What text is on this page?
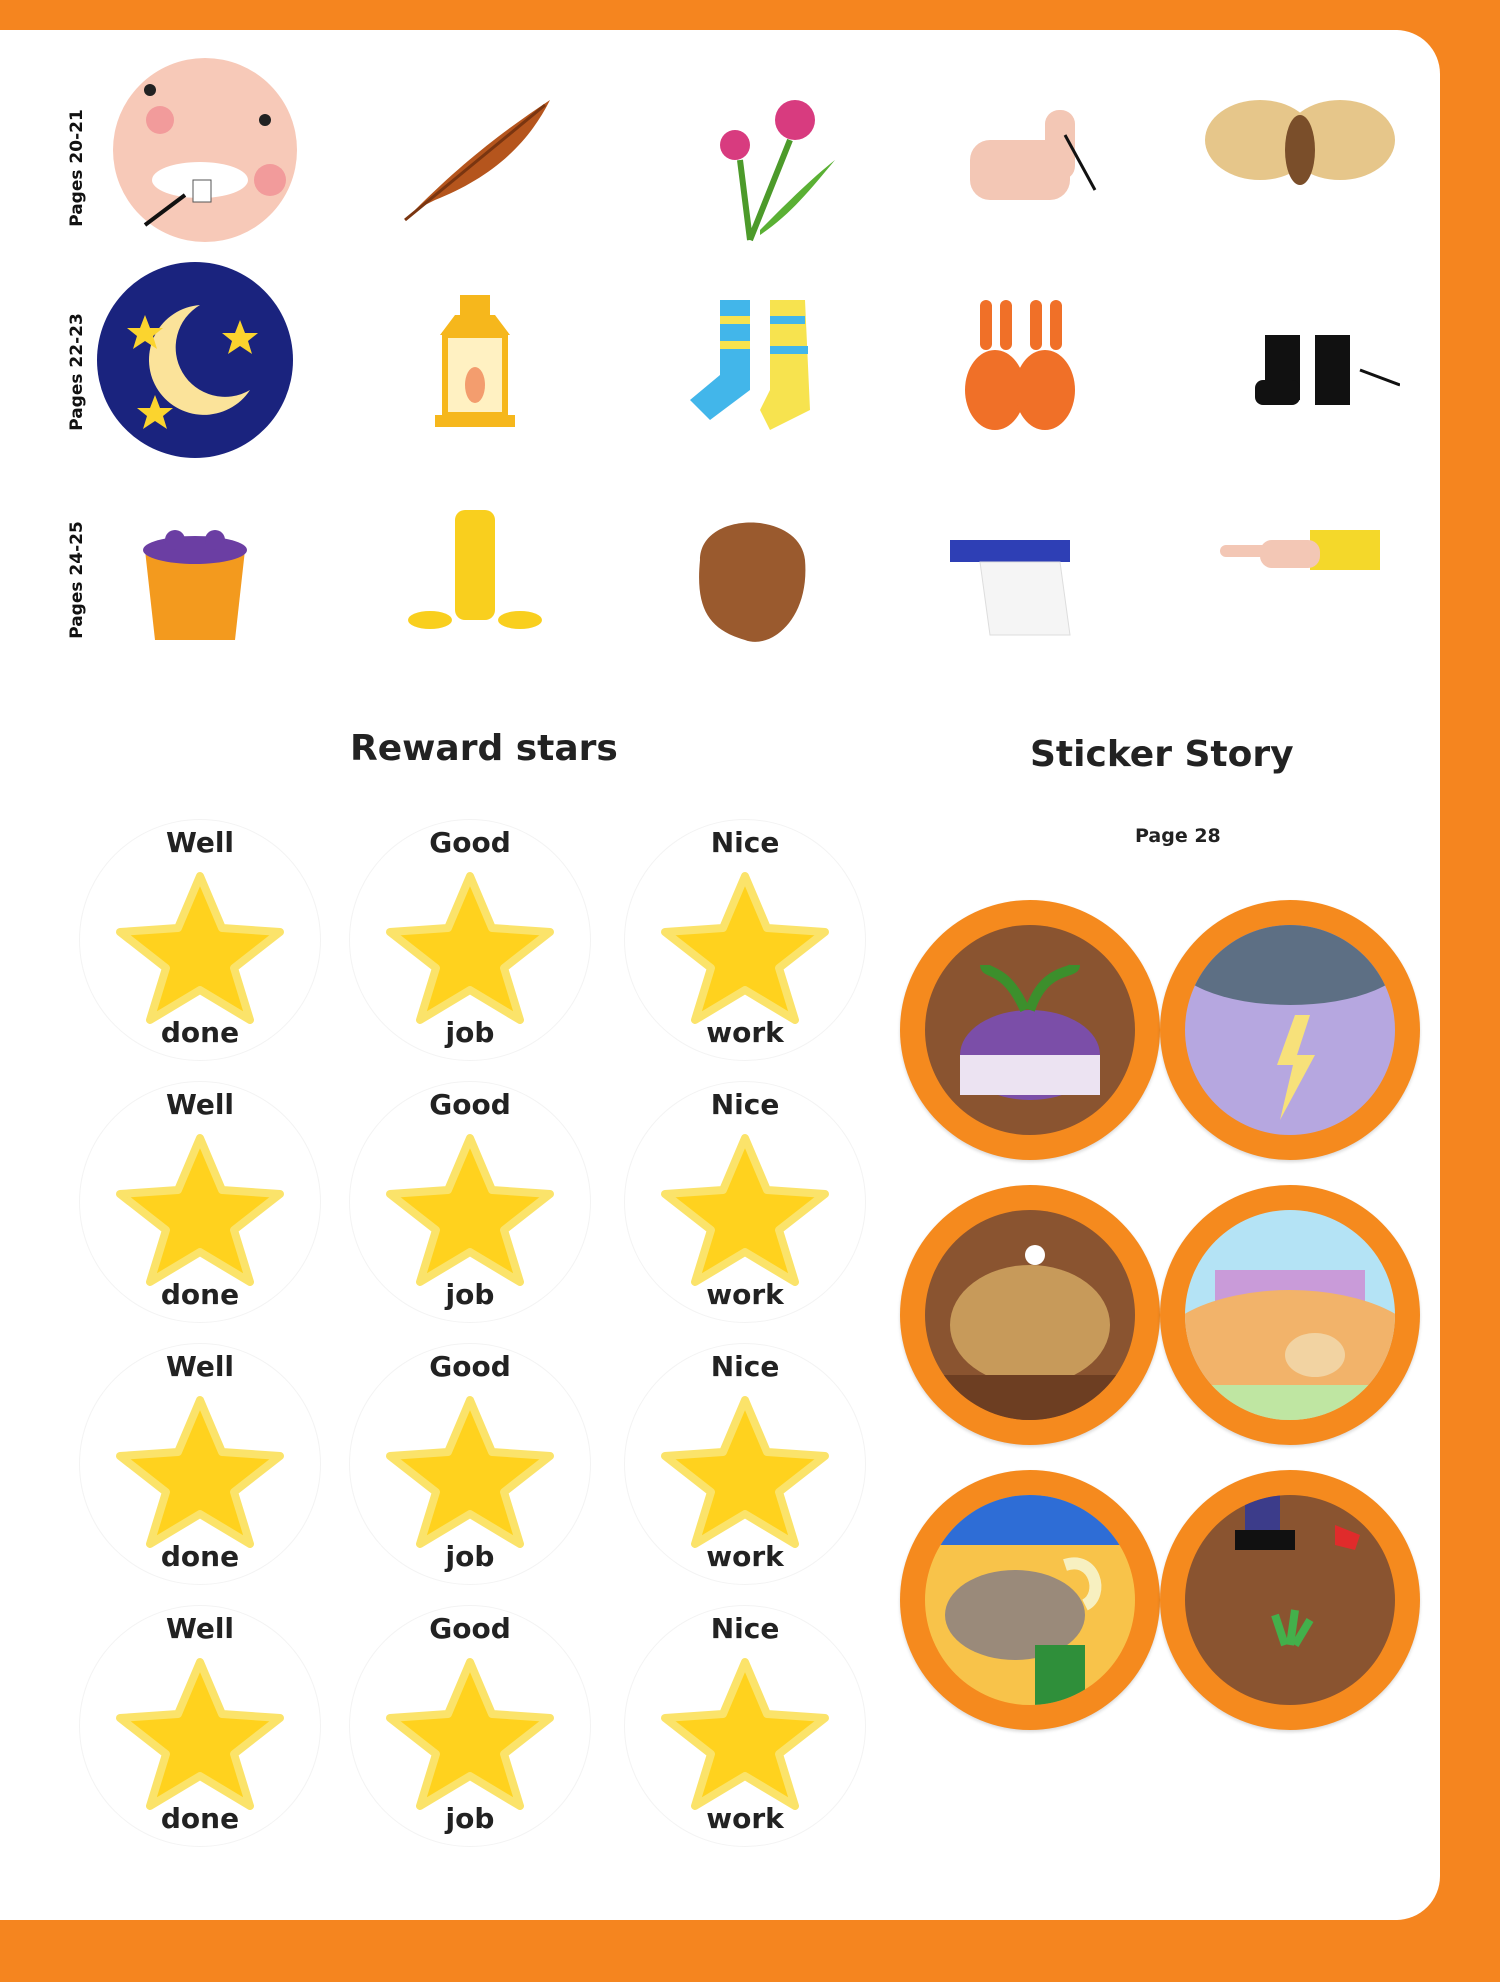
Pages 20-21
Pages 22-23
Pages 24-25
Reward stars	Sticker Story
Page 28
Well
done
Good
job
Nice
work
Well
done
Good
job
Nice
work
Well
done
Good
job
Nice
work
Well
done
Good
job
Nice
work
